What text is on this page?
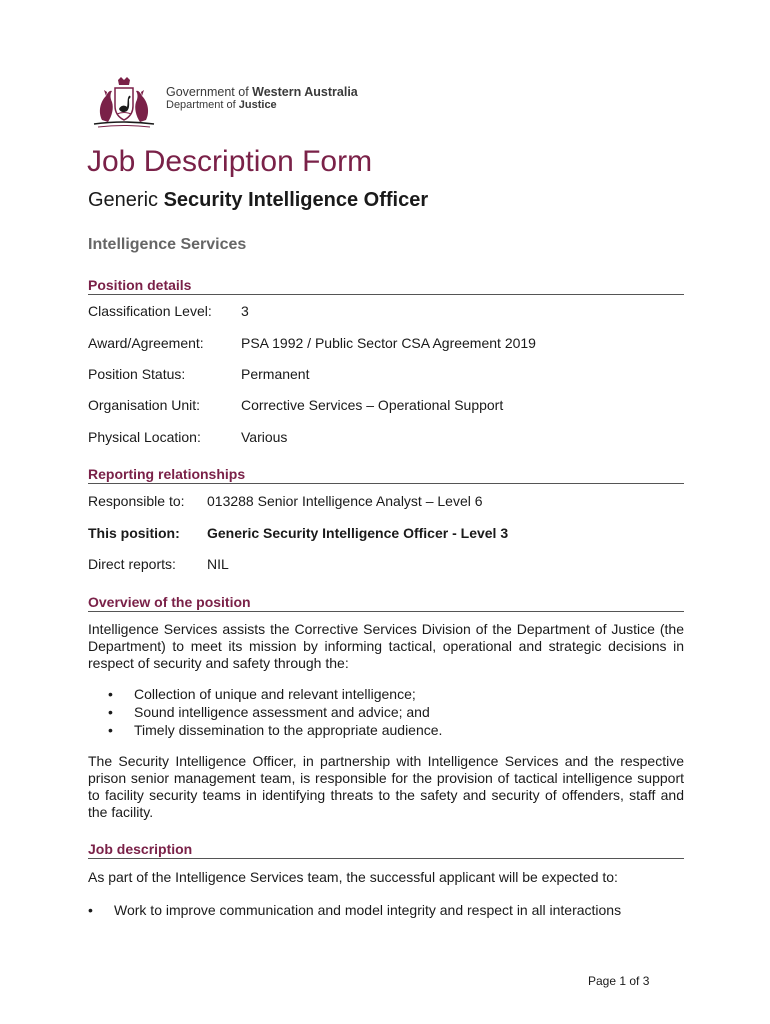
Government of Western Australia
Department of Justice
Job Description Form
Generic Security Intelligence Officer
Intelligence Services
Position details
Classification Level: 3
Award/Agreement:	PSA 1992 / Public Sector CSA Agreement 2019
Position Status:	Permanent
Organisation Unit:	Corrective Services – Operational Support
Physical Location:	Various
Reporting relationships
Responsible to: 013288 Senior Intelligence Analyst – Level 6
This position: Generic Security Intelligence Officer - Level 3
Direct reports: NIL
Overview of the position
Intelligence Services assists the Corrective Services Division of the Department of Justice (the Department) to meet its mission by informing tactical, operational and strategic decisions in respect of security and safety through the:
• Collection of unique and relevant intelligence;
• Sound intelligence assessment and advice; and
• Timely dissemination to the appropriate audience.
The Security Intelligence Officer, in partnership with Intelligence Services and the respective prison senior management team, is responsible for the provision of tactical intelligence support to facility security teams in identifying threats to the safety and security of offenders, staff and the facility.
Job description
As part of the Intelligence Services team, the successful applicant will be expected to:
• Work to improve communication and model integrity and respect in all interactions
Page 1 of 3
